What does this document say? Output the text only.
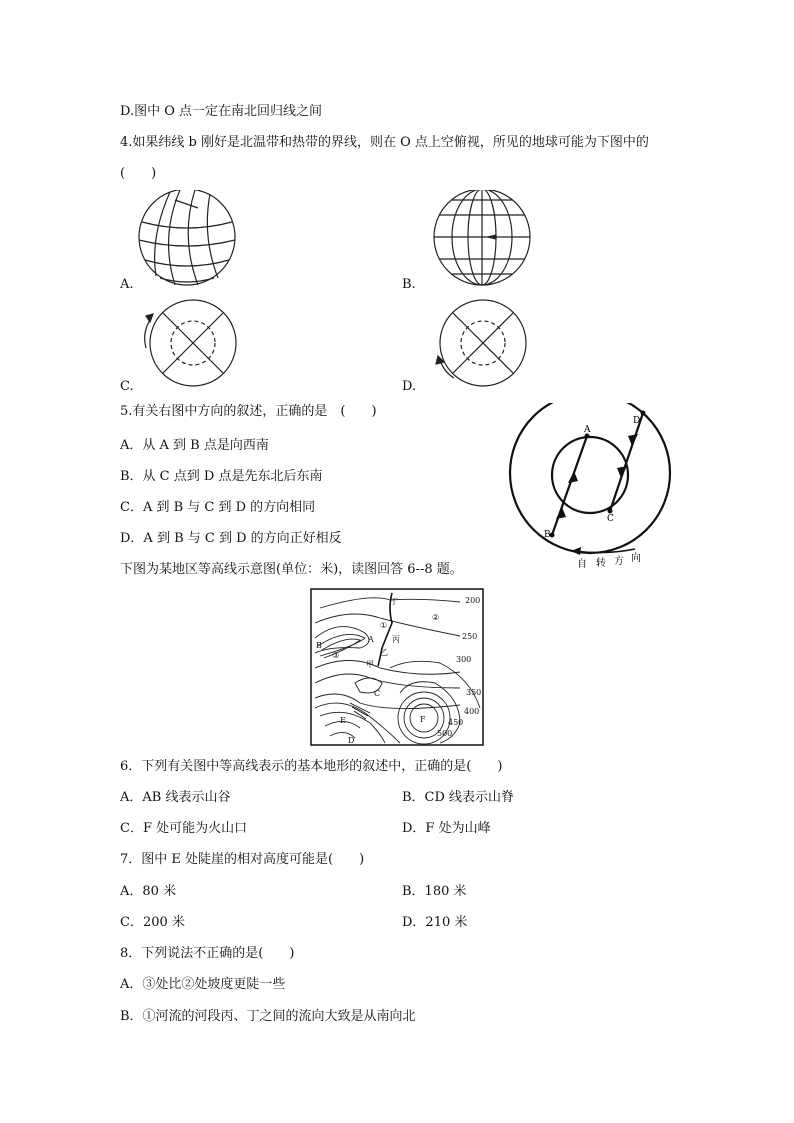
D.图中 O 点一定在南北回归线之间
4.如果纬线 b 刚好是北温带和热带的界线，则在 O 点上空俯视，所见的地球可能为下图中的
(　　)
A.	B.
C.	D.
5.有关右图中方向的叙述，正确的是　(　　)
A．从 A 到 B 点是向西南
B．从 C 点到 D 点是先东北后东南
C．A 到 B 与 C 到 D 的方向相同
D．A 到 B 与 C 到 D 的方向正好相反
A
B
C
D
自 转 方 向
下图为某地区等高线示意图(单位：米)，读图回答 6--8 题。
200
250
300
350
400
450
500
丁
①
②
A 丙
B
③	乙
甲
C
E
D
F
6．下列有关图中等高线表示的基本地形的叙述中，正确的是(　　)
A．AB 线表示山谷	B．CD 线表示山脊
C．F 处可能为火山口	D．F 处为山峰
7．图中 E 处陡崖的相对高度可能是(　　)
A．80 米	B．180 米
C．200 米	D．210 米
8．下列说法不正确的是(　　)
A．③处比②处坡度更陡一些
B．①河流的河段丙、丁之间的流向大致是从南向北
